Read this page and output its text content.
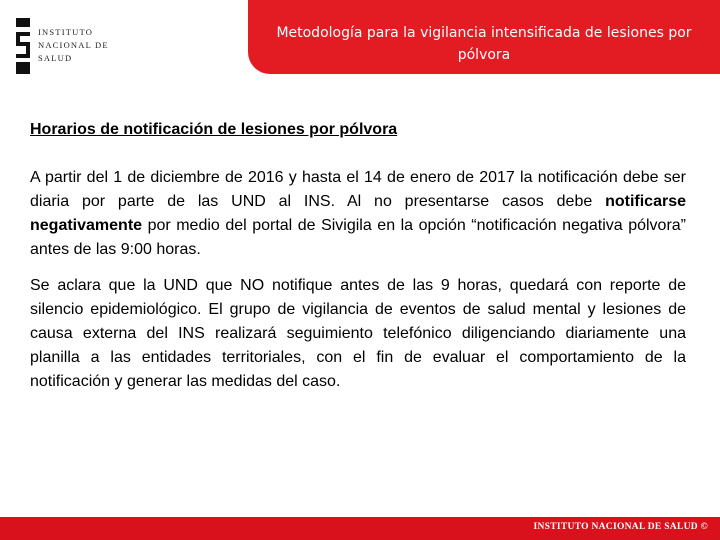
INSTITUTO
NACIONAL DE
SALUD
Metodología para la vigilancia intensificada de lesiones por pólvora
Horarios de notificación de lesiones por pólvora

A partir del 1 de diciembre de 2016 y hasta el 14 de enero de 2017 la notificación debe ser diaria por parte de las UND al INS. Al no presentarse casos debe notificarse negativamente por medio del portal de Sivigila en la opción “notificación negativa pólvora” antes de las 9:00 horas.

Se aclara que la UND que NO notifique antes de las 9 horas, quedará con reporte de silencio epidemiológico. El grupo de vigilancia de eventos de salud mental y lesiones de causa externa del INS realizará seguimiento telefónico diligenciando diariamente una planilla a las entidades territoriales, con el fin de evaluar el comportamiento de la notificación y generar las medidas del caso.

INSTITUTO NACIONAL DE SALUD ©
